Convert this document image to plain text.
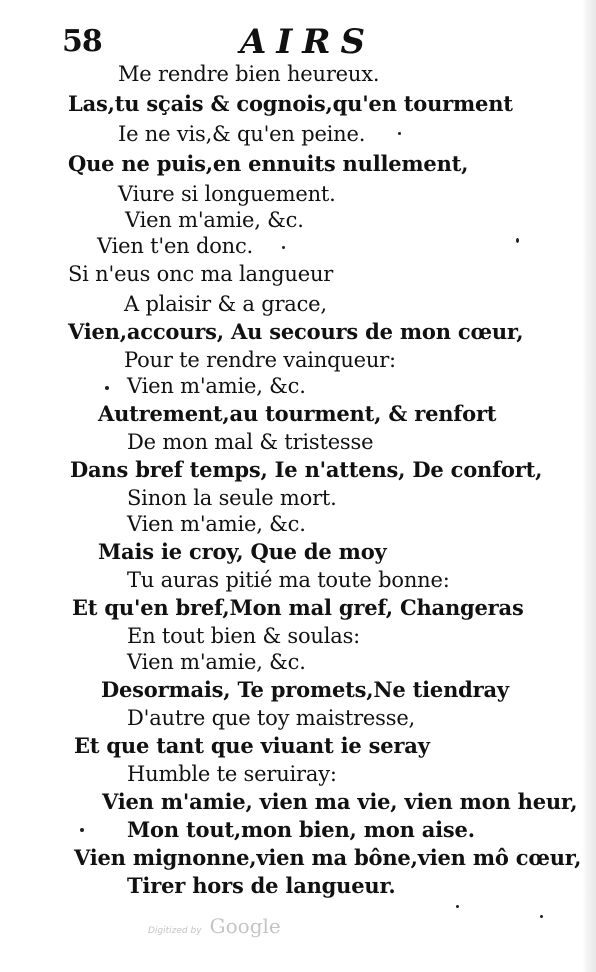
58	AIRS
Me rendre bien heureux.
Las,tu sçais & cognois,qu'en tourment
Ie ne vis,& qu'en peine.
Que ne puis,en ennuits nullement,
Viure si longuement.
Vien m'amie, &c.
Vien t'en donc.
Si n'eus onc ma langueur
A plaisir & a grace,
Vien,accours, Au secours de mon cœur,
Pour te rendre vainqueur:
Vien m'amie, &c.
Autrement,au tourment, & renfort
De mon mal & tristesse
Dans bref temps, Ie n'attens, De confort,
Sinon la seule mort.
Vien m'amie, &c.
Mais ie croy, Que de moy
Tu auras pitié ma toute bonne:
Et qu'en bref,Mon mal gref, Changeras
En tout bien & soulas:
Vien m'amie, &c.
Desormais, Te promets,Ne tiendray
D'autre que toy maistresse,
Et que tant que viuant ie seray
Humble te seruiray:
Vien m'amie, vien ma vie, vien mon heur,
Mon tout,mon bien, mon aise.
Vien mignonne,vien ma bône,vien mô cœur,
Tirer hors de langueur.
Digitized by Google
